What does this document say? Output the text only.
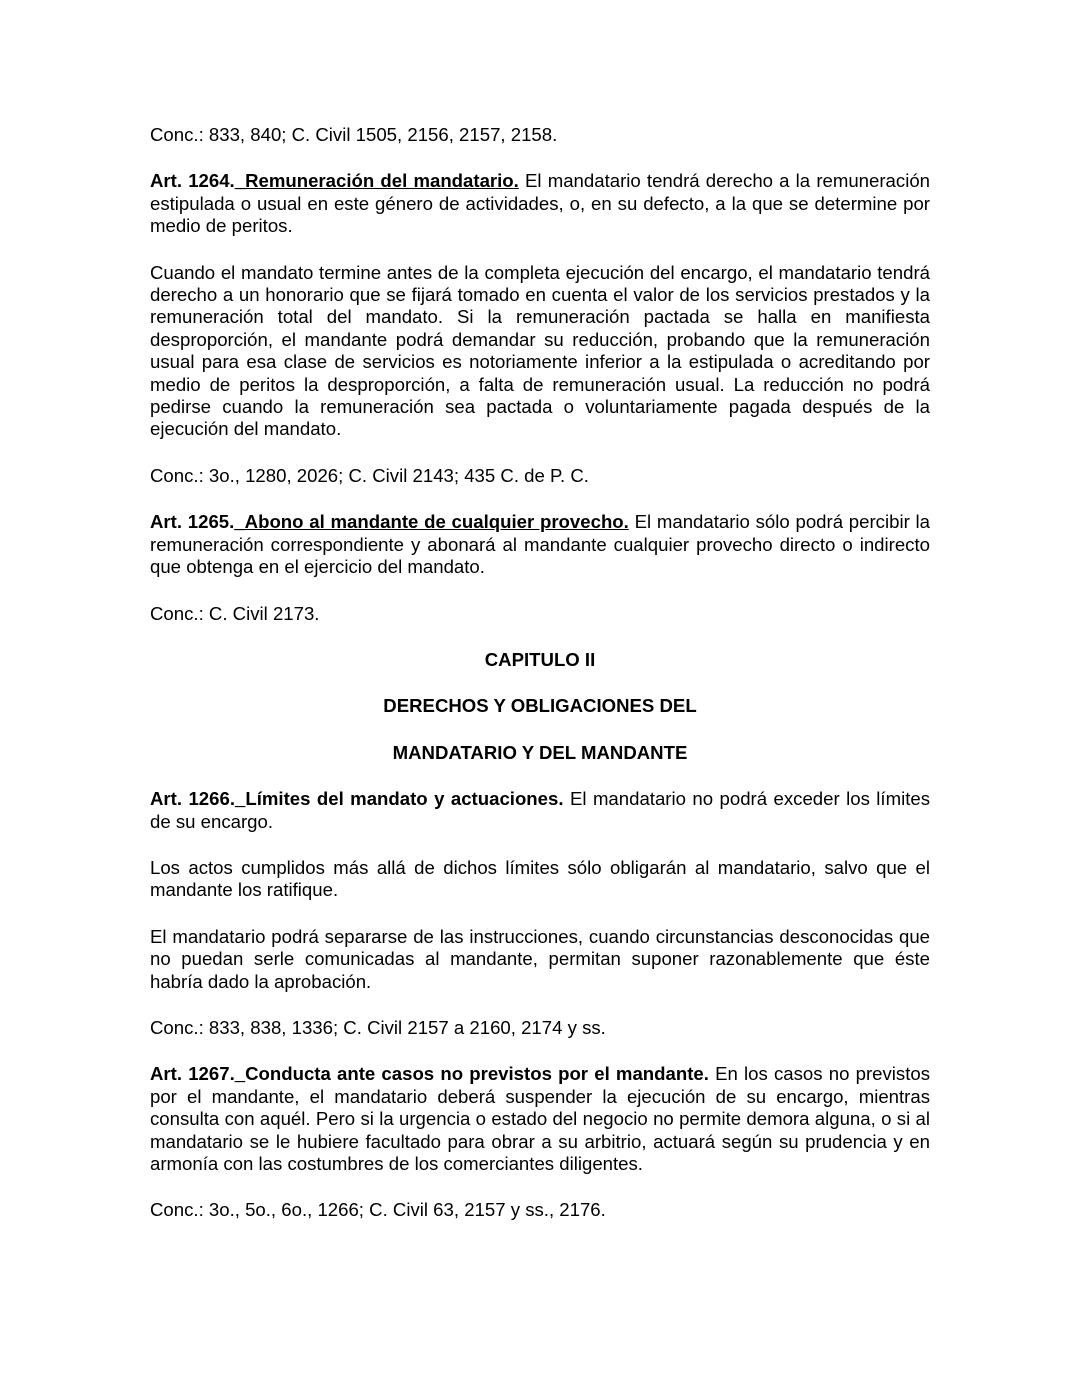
Conc.: 833, 840; C. Civil 1505, 2156, 2157, 2158.

Art. 1264._Remuneración del mandatario. El mandatario tendrá derecho a la remuneración estipulada o usual en este género de actividades, o, en su defecto, a la que se determine por medio de peritos.

Cuando el mandato termine antes de la completa ejecución del encargo, el mandatario tendrá derecho a un honorario que se fijará tomado en cuenta el valor de los servicios prestados y la remuneración total del mandato. Si la remuneración pactada se halla en manifiesta desproporción, el mandante podrá demandar su reducción, probando que la remuneración usual para esa clase de servicios es notoriamente inferior a la estipulada o acreditando por medio de peritos la desproporción, a falta de remuneración usual. La reducción no podrá pedirse cuando la remuneración sea pactada o voluntariamente pagada después de la ejecución del mandato.

Conc.: 3o., 1280, 2026; C. Civil 2143; 435 C. de P. C.

Art. 1265._Abono al mandante de cualquier provecho. El mandatario sólo podrá percibir la remuneración correspondiente y abonará al mandante cualquier provecho directo o indirecto que obtenga en el ejercicio del mandato.

Conc.: C. Civil 2173.

CAPITULO II
DERECHOS Y OBLIGACIONES DEL
MANDATARIO Y DEL MANDANTE

Art. 1266._Límites del mandato y actuaciones. El mandatario no podrá exceder los límites de su encargo.

Los actos cumplidos más allá de dichos límites sólo obligarán al mandatario, salvo que el mandante los ratifique.

El mandatario podrá separarse de las instrucciones, cuando circunstancias desconocidas que no puedan serle comunicadas al mandante, permitan suponer razonablemente que éste habría dado la aprobación.

Conc.: 833, 838, 1336; C. Civil 2157 a 2160, 2174 y ss.

Art. 1267._Conducta ante casos no previstos por el mandante. En los casos no previstos por el mandante, el mandatario deberá suspender la ejecución de su encargo, mientras consulta con aquél. Pero si la urgencia o estado del negocio no permite demora alguna, o si al mandatario se le hubiere facultado para obrar a su arbitrio, actuará según su prudencia y en armonía con las costumbres de los comerciantes diligentes.

Conc.: 3o., 5o., 6o., 1266; C. Civil 63, 2157 y ss., 2176.
